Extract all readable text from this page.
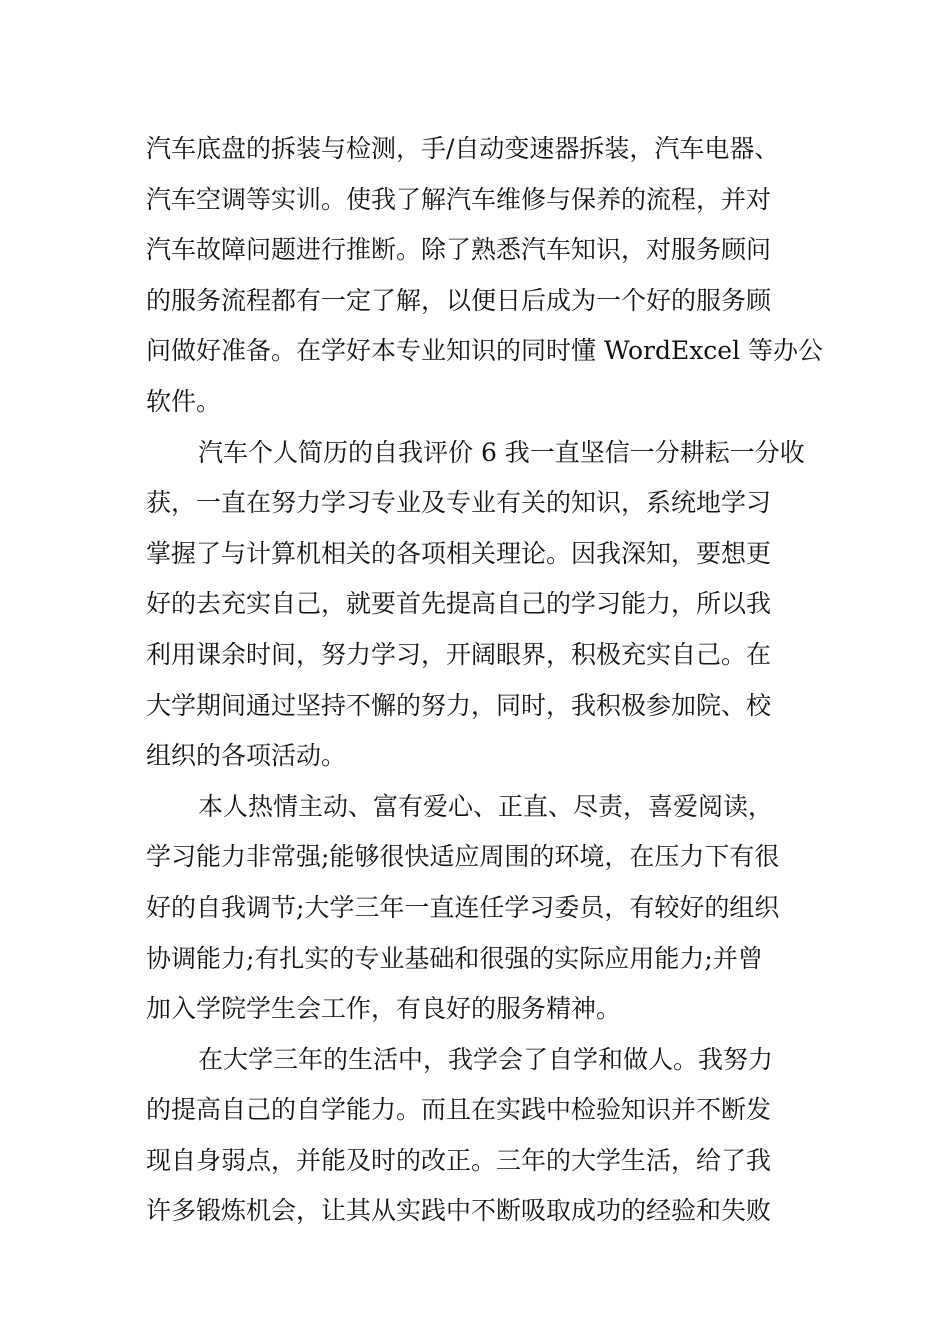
汽车底盘的拆装与检测，手/自动变速器拆装，汽车电器、
汽车空调等实训。使我了解汽车维修与保养的流程，并对
汽车故障问题进行推断。除了熟悉汽车知识，对服务顾问
的服务流程都有一定了解，以便日后成为一个好的服务顾
问做好准备。在学好本专业知识的同时懂 WordExcel 等办公
软件。

汽车个人简历的自我评价 6 我一直坚信一分耕耘一分收
获，一直在努力学习专业及专业有关的知识，系统地学习
掌握了与计算机相关的各项相关理论。因我深知，要想更
好的去充实自己，就要首先提高自己的学习能力，所以我
利用课余时间，努力学习，开阔眼界，积极充实自己。在
大学期间通过坚持不懈的努力，同时，我积极参加院、校
组织的各项活动。

本人热情主动、富有爱心、正直、尽责，喜爱阅读，
学习能力非常强;能够很快适应周围的环境，在压力下有很
好的自我调节;大学三年一直连任学习委员，有较好的组织
协调能力;有扎实的专业基础和很强的实际应用能力;并曾
加入学院学生会工作，有良好的服务精神。

在大学三年的生活中，我学会了自学和做人。我努力
的提高自己的自学能力。而且在实践中检验知识并不断发
现自身弱点，并能及时的改正。三年的大学生活，给了我
许多锻炼机会，让其从实践中不断吸取成功的经验和失败
